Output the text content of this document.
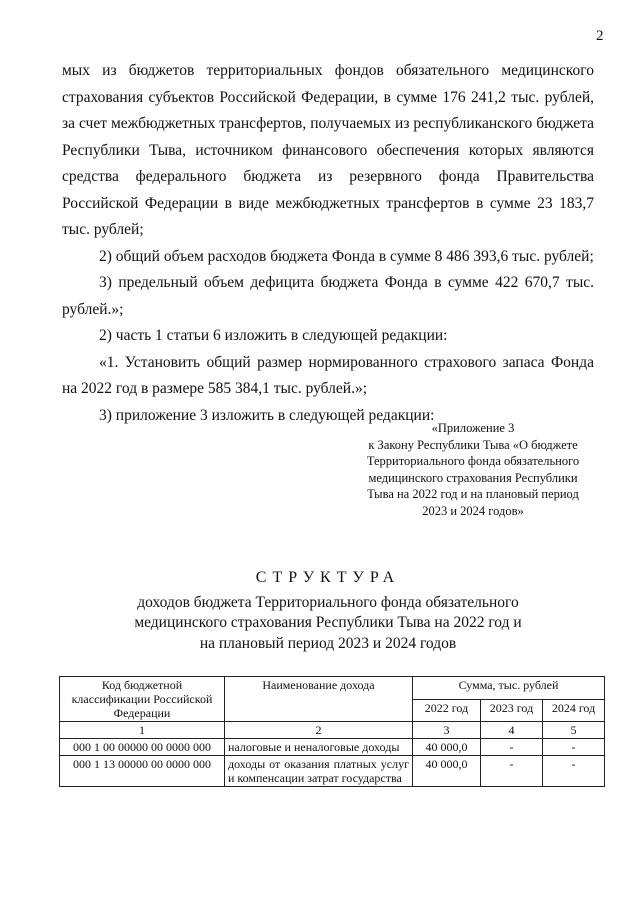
2

мых из бюджетов территориальных фондов обязательного медицинского страхования субъектов Российской Федерации, в сумме 176 241,2 тыс. рублей, за счет межбюджетных трансфертов, получаемых из республиканского бюджета Республики Тыва, источником финансового обеспечения которых являются средства федерального бюджета из резервного фонда Правительства Российской Федерации в виде межбюджетных трансфертов в сумме 23 183,7 тыс. рублей;

2) общий объем расходов бюджета Фонда в сумме 8 486 393,6 тыс. рублей;

3) предельный объем дефицита бюджета Фонда в сумме 422 670,7 тыс. рублей.»;

2) часть 1 статьи 6 изложить в следующей редакции:

«1. Установить общий размер нормированного страхового запаса Фонда на 2022 год в размере 585 384,1 тыс. рублей.»;

3) приложение 3 изложить в следующей редакции:

«Приложение 3
к Закону Республики Тыва «О бюджете
Территориального фонда обязательного
медицинского страхования Республики
Тыва на 2022 год и на плановый период
2023 и 2024 годов»
СТРУКТУРА
доходов бюджета Территориального фонда обязательного
медицинского страхования Республики Тыва на 2022 год и
на плановый период 2023 и 2024 годов
Код бюджетной классификации Российской Федерации	Наименование дохода	Сумма, тыс. рублей		
		2022 год	2023 год	2024 год
1	2	3	4	5
000 1 00 00000 00 0000 000	налоговые и неналоговые доходы	40 000,0	-	-
000 1 13 00000 00 0000 000	доходы от оказания платных услуг и компенсации затрат государства	40 000,0	-	-
